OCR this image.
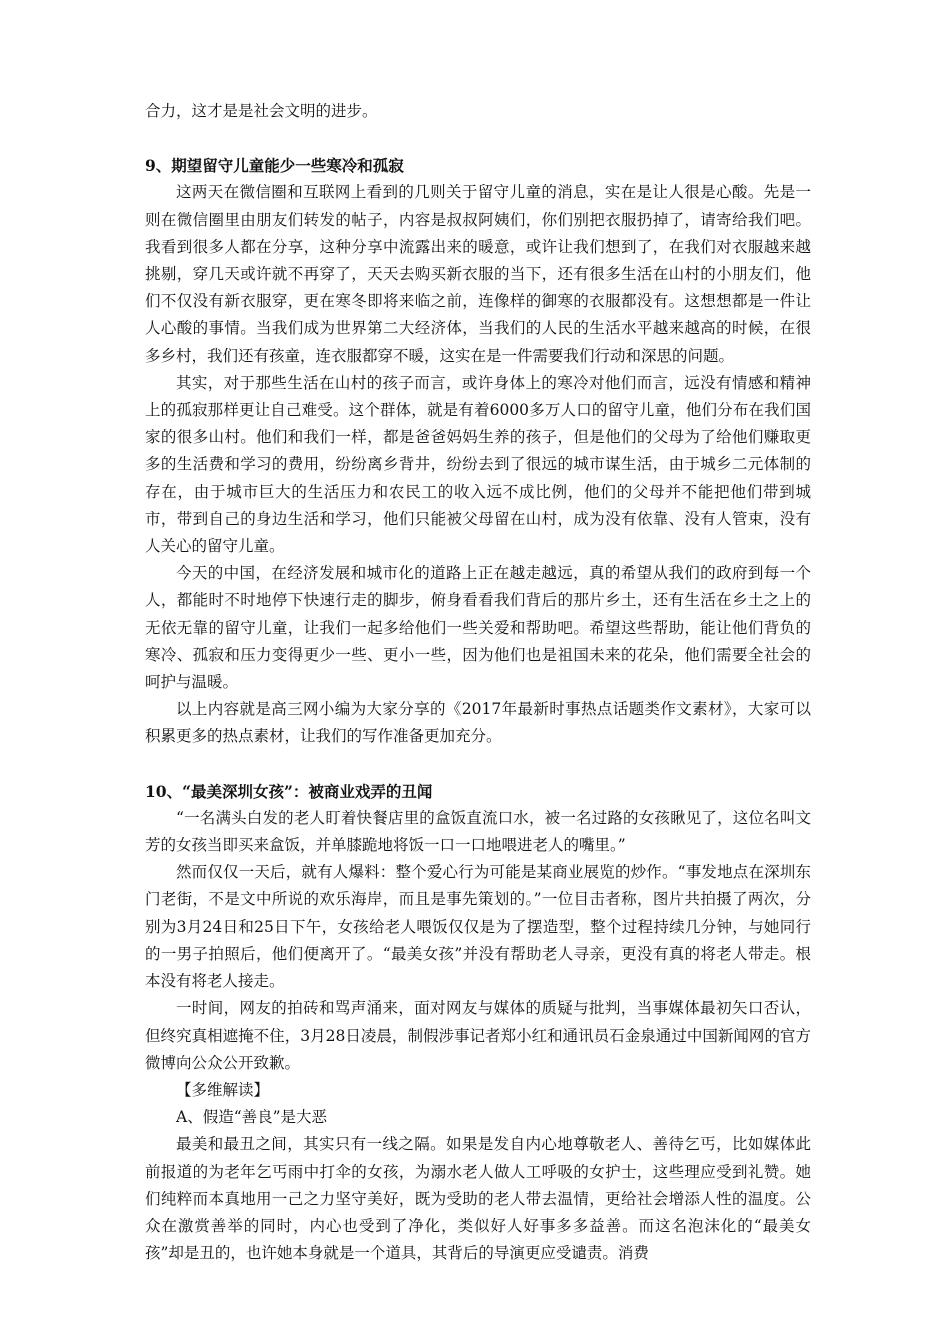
合力，这才是是社会文明的进步。

9、期望留守儿童能少一些寒冷和孤寂

这两天在微信圈和互联网上看到的几则关于留守儿童的消息，实在是让人很是心酸。先是一则在微信圈里由朋友们转发的帖子，内容是叔叔阿姨们，你们别把衣服扔掉了，请寄给我们吧。我看到很多人都在分享，这种分享中流露出来的暖意，或许让我们想到了，在我们对衣服越来越挑剔，穿几天或许就不再穿了，天天去购买新衣服的当下，还有很多生活在山村的小朋友们，他们不仅没有新衣服穿，更在寒冬即将来临之前，连像样的御寒的衣服都没有。这想想都是一件让人心酸的事情。当我们成为世界第二大经济体，当我们的人民的生活水平越来越高的时候，在很多乡村，我们还有孩童，连衣服都穿不暖，这实在是一件需要我们行动和深思的问题。

其实，对于那些生活在山村的孩子而言，或许身体上的寒冷对他们而言，远没有情感和精神上的孤寂那样更让自己难受。这个群体，就是有着6000多万人口的留守儿童，他们分布在我们国家的很多山村。他们和我们一样，都是爸爸妈妈生养的孩子，但是他们的父母为了给他们赚取更多的生活费和学习的费用，纷纷离乡背井，纷纷去到了很远的城市谋生活，由于城乡二元体制的存在，由于城市巨大的生活压力和农民工的收入远不成比例，他们的父母并不能把他们带到城市，带到自己的身边生活和学习，他们只能被父母留在山村，成为没有依靠、没有人管束，没有人关心的留守儿童。

今天的中国，在经济发展和城市化的道路上正在越走越远，真的希望从我们的政府到每一个人，都能时不时地停下快速行走的脚步，俯身看看我们背后的那片乡土，还有生活在乡土之上的无依无靠的留守儿童，让我们一起多给他们一些关爱和帮助吧。希望这些帮助，能让他们背负的寒冷、孤寂和压力变得更少一些、更小一些，因为他们也是祖国未来的花朵，他们需要全社会的呵护与温暖。

以上内容就是高三网小编为大家分享的《2017年最新时事热点话题类作文素材》，大家可以积累更多的热点素材，让我们的写作准备更加充分。

10、“最美深圳女孩”：被商业戏弄的丑闻

“一名满头白发的老人盯着快餐店里的盒饭直流口水，被一名过路的女孩瞅见了，这位名叫文芳的女孩当即买来盒饭，并单膝跪地将饭一口一口地喂进老人的嘴里。”

然而仅仅一天后，就有人爆料：整个爱心行为可能是某商业展览的炒作。“事发地点在深圳东门老街，不是文中所说的欢乐海岸，而且是事先策划的。”一位目击者称，图片共拍摄了两次，分别为3月24日和25日下午，女孩给老人喂饭仅仅是为了摆造型，整个过程持续几分钟，与她同行的一男子拍照后，他们便离开了。“最美女孩”并没有帮助老人寻亲，更没有真的将老人带走。根本没有将老人接走。

一时间，网友的拍砖和骂声涌来，面对网友与媒体的质疑与批判，当事媒体最初矢口否认，但终究真相遮掩不住，3月28日凌晨，制假涉事记者郑小红和通讯员石金泉通过中国新闻网的官方微博向公众公开致歉。

【多维解读】

A、假造“善良”是大恶

最美和最丑之间，其实只有一线之隔。如果是发自内心地尊敬老人、善待乞丐，比如媒体此前报道的为老年乞丐雨中打伞的女孩，为溺水老人做人工呼吸的女护士，这些理应受到礼赞。她们纯粹而本真地用一己之力坚守美好，既为受助的老人带去温情，更给社会增添人性的温度。公众在激赏善举的同时，内心也受到了净化，类似好人好事多多益善。而这名泡沫化的“最美女孩”却是丑的，也许她本身就是一个道具，其背后的导演更应受谴责。消费
